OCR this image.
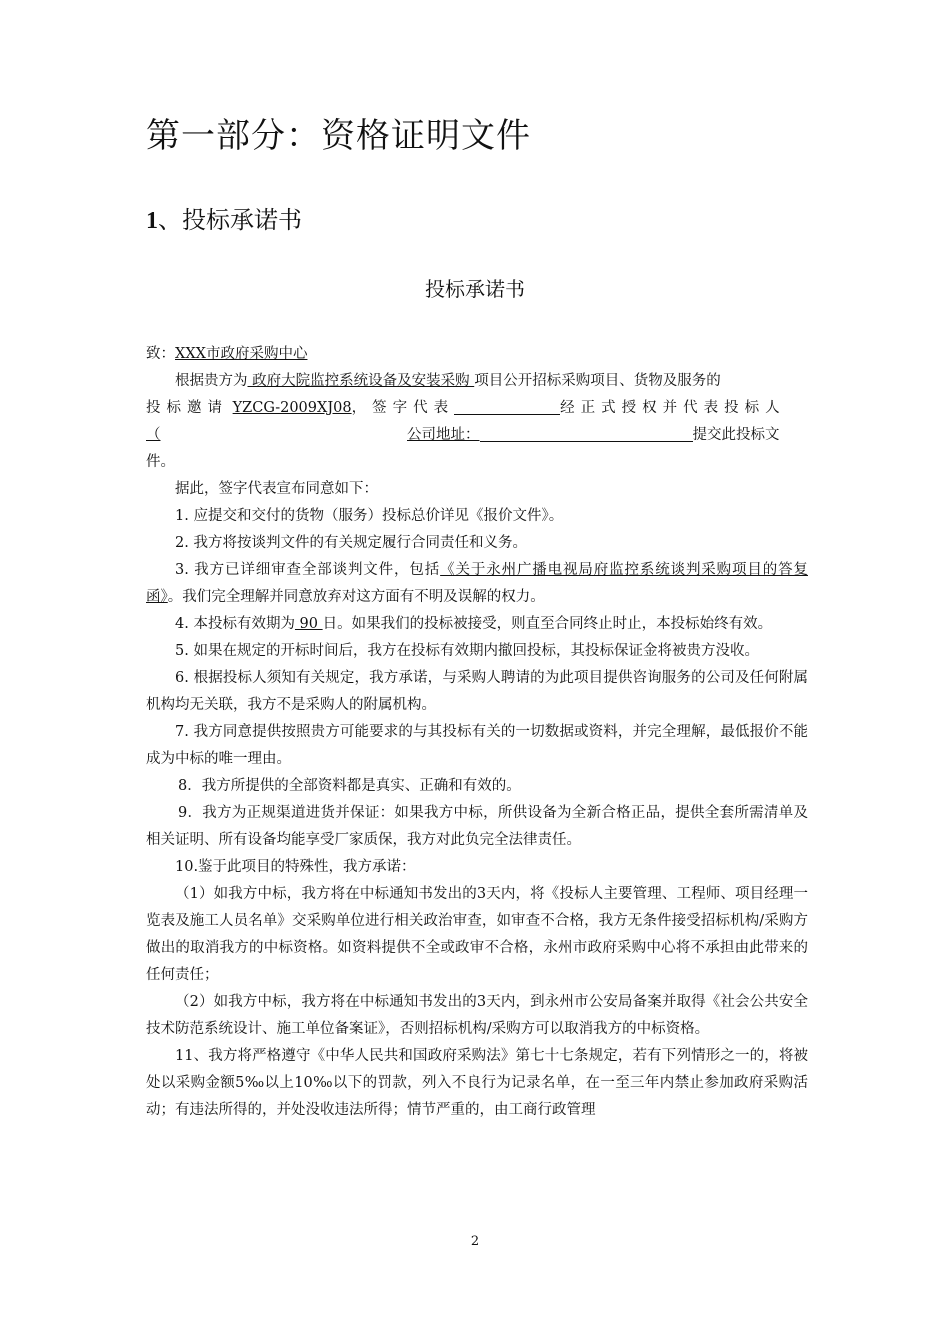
第一部分：资格证明文件
1、投标承诺书
投标承诺书

致：XXX市政府采购中心

根据贵方为 政府大院监控系统设备及安装采购 项目公开招标采购项目、货物及服务的

投标邀请 YZCG-2009XJ08，签字代表	经正式授权并代表投标人

（	公司地址：	提交此投标文

件。

据此，签字代表宣布同意如下：

1. 应提交和交付的货物（服务）投标总价详见《报价文件》。

2. 我方将按谈判文件的有关规定履行合同责任和义务。

3. 我方已详细审查全部谈判文件，包括《关于永州广播电视局府监控系统谈判采购项目的答复函》。我们完全理解并同意放弃对这方面有不明及误解的权力。

4. 本投标有效期为 90 日。如果我们的投标被接受，则直至合同终止时止，本投标始终有效。

5. 如果在规定的开标时间后，我方在投标有效期内撤回投标，其投标保证金将被贵方没收。

6. 根据投标人须知有关规定，我方承诺，与采购人聘请的为此项目提供咨询服务的公司及任何附属机构均无关联，我方不是采购人的附属机构。

7. 我方同意提供按照贵方可能要求的与其投标有关的一切数据或资料，并完全理解，最低报价不能成为中标的唯一理由。

8．我方所提供的全部资料都是真实、正确和有效的。

9．我方为正规渠道进货并保证：如果我方中标，所供设备为全新合格正品，提供全套所需清单及相关证明、所有设备均能享受厂家质保，我方对此负完全法律责任。

10.鉴于此项目的特殊性，我方承诺：

（1）如我方中标，我方将在中标通知书发出的3天内，将《投标人主要管理、工程师、项目经理一览表及施工人员名单》交采购单位进行相关政治审查，如审查不合格，我方无条件接受招标机构/采购方做出的取消我方的中标资格。如资料提供不全或政审不合格，永州市政府采购中心将不承担由此带来的任何责任；

（2）如我方中标，我方将在中标通知书发出的3天内，到永州市公安局备案并取得《社会公共安全技术防范系统设计、施工单位备案证》，否则招标机构/采购方可以取消我方的中标资格。

11、我方将严格遵守《中华人民共和国政府采购法》第七十七条规定，若有下列情形之一的，将被处以采购金额5‰以上10‰以下的罚款，列入不良行为记录名单，在一至三年内禁止参加政府采购活动；有违法所得的，并处没收违法所得；情节严重的，由工商行政管理

2
